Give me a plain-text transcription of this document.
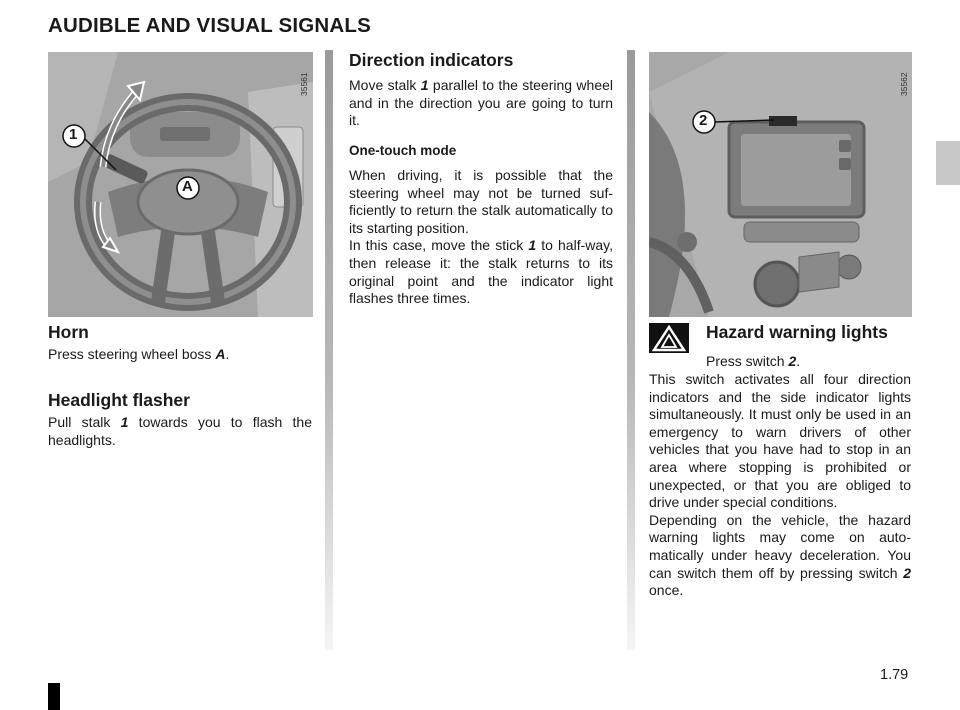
AUDIBLE AND VISUAL SIGNALS
1
A
35561
2
35562
Horn

Press steering wheel boss A.

Headlight flasher

Pull stalk 1 towards you to flash the headlights.

Direction indicators

Move stalk 1 parallel to the steering wheel and in the direction you are going to turn it.

One-touch mode

When driving, it is possible that the steering wheel may not be turned suf-ficiently to return the stalk automatically to its starting position.
In this case, move the stick 1 to half-way, then release it: the stalk returns to its original point and the indicator light flashes three times.

Hazard warning lights

Press switch 2.

This switch activates all four direction indicators and the side indicator lights simultaneously. It must only be used in an emergency to warn drivers of other vehicles that you have had to stop in an area where stopping is prohibited or unexpected, or that you are obliged to drive under special conditions.
Depending on the vehicle, the hazard warning lights may come on auto-matically under heavy deceleration. You can switch them off by pressing switch 2 once.

1.79
